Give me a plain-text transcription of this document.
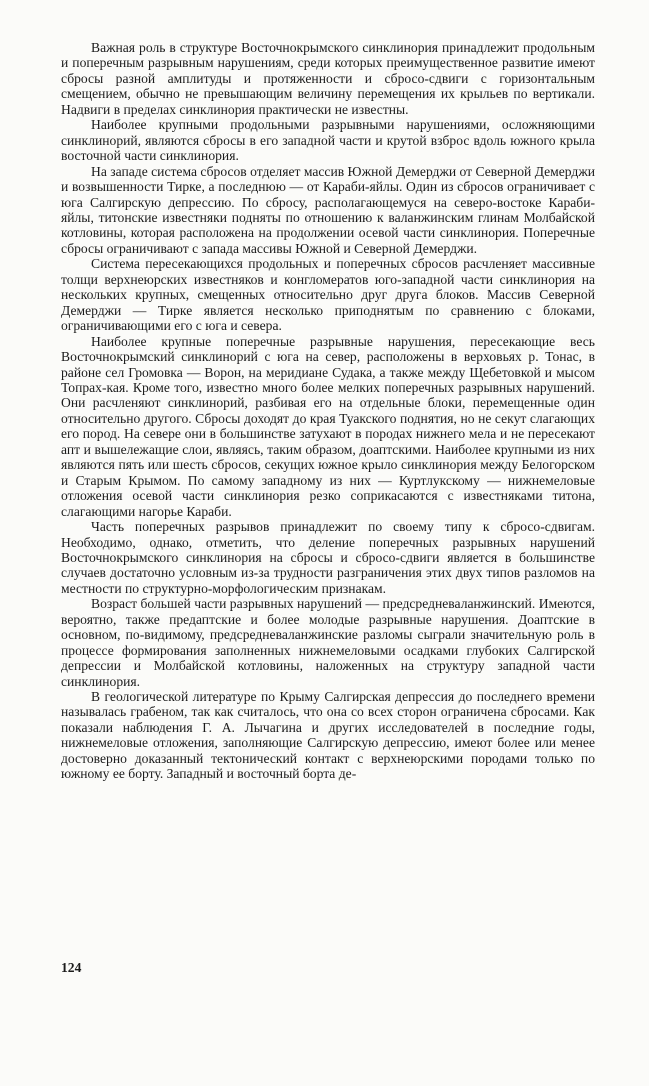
Важная роль в структуре Восточнокрымского синклинория принадлежит продольным и поперечным разрывным нарушениям, среди которых преимущественное развитие имеют сбросы разной амплитуды и протяженности и сбросо-сдвиги с горизонтальным смещением, обычно не превышающим величину перемещения их крыльев по вертикали. Надвиги в пределах синклинория практически не известны.

Наиболее крупными продольными разрывными нарушениями, осложняющими синклинорий, являются сбросы в его западной части и крутой взброс вдоль южного крыла восточной части синклинория.

На западе система сбросов отделяет массив Южной Демерджи от Северной Демерджи и возвышенности Тирке, а последнюю — от Караби-яйлы. Один из сбросов ограничивает с юга Салгирскую депрессию. По сбросу, располагающемуся на северо-востоке Караби-яйлы, титонские известняки подняты по отношению к валанжинским глинам Молбайской котловины, которая расположена на продолжении осевой части синклинория. Поперечные сбросы ограничивают с запада массивы Южной и Северной Демерджи.

Система пересекающихся продольных и поперечных сбросов расчленяет массивные толщи верхнеюрских известняков и конгломератов юго-западной части синклинория на нескольких крупных, смещенных относительно друг друга блоков. Массив Северной Демерджи — Тирке является несколько приподнятым по сравнению с блоками, ограничивающими его с юга и севера.

Наиболее крупные поперечные разрывные нарушения, пересекающие весь Восточнокрымский синклинорий с юга на север, расположены в верховьях р. Тонас, в районе сел Громовка — Ворон, на меридиане Судака, а также между Щебетовкой и мысом Топрах-кая. Кроме того, известно много более мелких поперечных разрывных нарушений. Они расчленяют синклинорий, разбивая его на отдельные блоки, перемещенные один относительно другого. Сбросы доходят до края Туакского поднятия, но не секут слагающих его пород. На севере они в большинстве затухают в породах нижнего мела и не пересекают апт и вышележащие слои, являясь, таким образом, доаптскими. Наиболее крупными из них являются пять или шесть сбросов, секущих южное крыло синклинория между Белогорском и Старым Крымом. По самому западному из них — Куртлукскому — нижнемеловые отложения осевой части синклинория резко соприкасаются с известняками титона, слагающими нагорье Караби.

Часть поперечных разрывов принадлежит по своему типу к сбросо-сдвигам. Необходимо, однако, отметить, что деление поперечных разрывных нарушений Восточнокрымского синклинория на сбросы и сбросо-сдвиги является в большинстве случаев достаточно условным из-за трудности разграничения этих двух типов разломов на местности по структурно-морфологическим признакам.

Возраст большей части разрывных нарушений — предсредневаланжинский. Имеются, вероятно, также предаптские и более молодые разрывные нарушения. Доаптские в основном, по-видимому, предсредневаланжинские разломы сыграли значительную роль в процессе формирования заполненных нижнемеловыми осадками глубоких Салгирской депрессии и Молбайской котловины, наложенных на структуру западной части синклинория.

В геологической литературе по Крыму Салгирская депрессия до последнего времени называлась грабеном, так как считалось, что она со всех сторон ограничена сбросами. Как показали наблюдения Г. А. Лычагина и других исследователей в последние годы, нижнемеловые отложения, заполняющие Салгирскую депрессию, имеют более или менее достоверно доказанный тектонический контакт с верхнеюрскими породами только по южному ее борту. Западный и восточный борта де-

124
